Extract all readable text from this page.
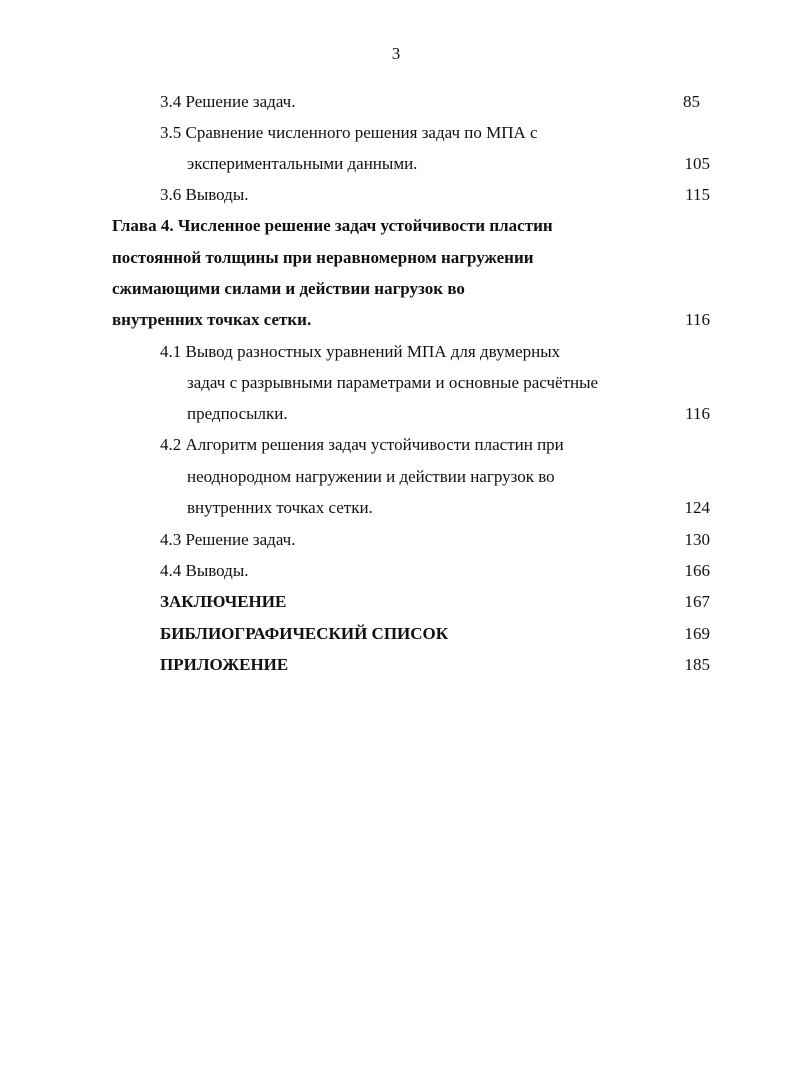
3
3.4 Решение задач.	85
3.5 Сравнение численного решения задач по МПА с
экспериментальными данными.	105
3.6 Выводы.	115
Глава 4. Численное решение задач устойчивости пластин
постоянной толщины при неравномерном нагружении
сжимающими силами и действии нагрузок во
внутренних точках сетки.	116
4.1 Вывод разностных уравнений МПА для двумерных
задач с разрывными параметрами и основные расчётные
предпосылки.	116
4.2 Алгоритм решения задач устойчивости пластин при
неоднородном нагружении и действии нагрузок во
внутренних точках сетки.	124
4.3 Решение задач.	130
4.4 Выводы.	166
ЗАКЛЮЧЕНИЕ	167
БИБЛИОГРАФИЧЕСКИЙ СПИСОК	169
ПРИЛОЖЕНИЕ	185
